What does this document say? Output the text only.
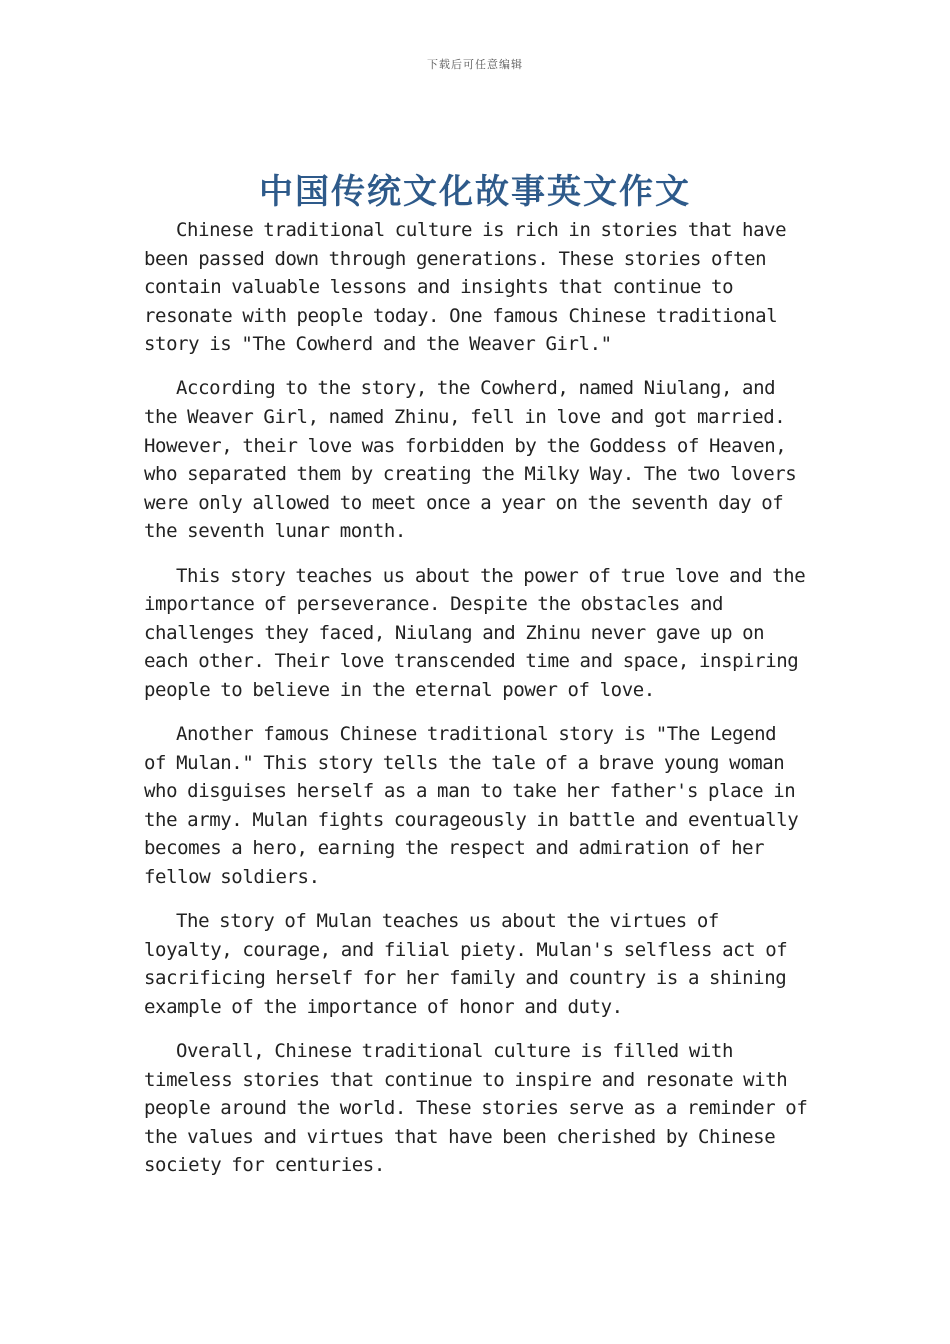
下载后可任意编辑
中国传统文化故事英文作文

Chinese traditional culture is rich in stories that have been passed down through generations. These stories often contain valuable lessons and insights that continue to resonate with people today. One famous Chinese traditional story is "The Cowherd and the Weaver Girl."

According to the story, the Cowherd, named Niulang, and the Weaver Girl, named Zhinu, fell in love and got married. However, their love was forbidden by the Goddess of Heaven, who separated them by creating the Milky Way. The two lovers were only allowed to meet once a year on the seventh day of the seventh lunar month.

This story teaches us about the power of true love and the importance of perseverance. Despite the obstacles and challenges they faced, Niulang and Zhinu never gave up on each other. Their love transcended time and space, inspiring people to believe in the eternal power of love.

Another famous Chinese traditional story is "The Legend of Mulan." This story tells the tale of a brave young woman who disguises herself as a man to take her father's place in the army. Mulan fights courageously in battle and eventually becomes a hero, earning the respect and admiration of her fellow soldiers.

The story of Mulan teaches us about the virtues of loyalty, courage, and filial piety. Mulan's selfless act of sacrificing herself for her family and country is a shining example of the importance of honor and duty.

Overall, Chinese traditional culture is filled with timeless stories that continue to inspire and resonate with people around the world. These stories serve as a reminder of the values and virtues that have been cherished by Chinese society for centuries.
